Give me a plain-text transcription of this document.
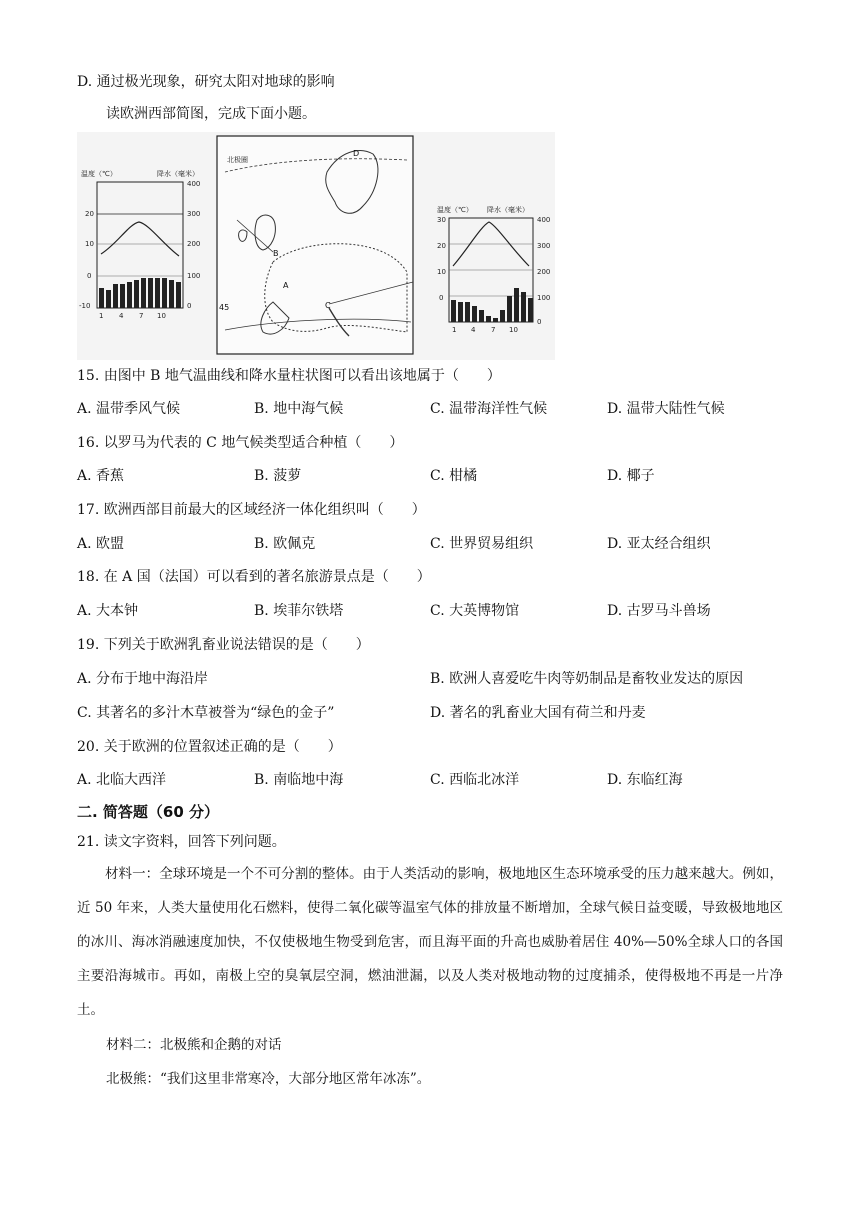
D. 通过极光现象，研究太阳对地球的影响
读欧洲西部简图，完成下面小题。
温度（℃）	降水（毫米）
20
10
0
-10
400
300
200
100
0
1 4 7 10
北极圈
45
A
B
C
D
温度（℃） 降水（毫米）
30
20
10
0
400
300
200
100
0
1 4 7 10
15. 由图中 B 地气温曲线和降水量柱状图可以看出该地属于（　　）
A. 温带季风气候	B. 地中海气候	C. 温带海洋性气候	D. 温带大陆性气候
16. 以罗马为代表的 C 地气候类型适合种植（　　）
A. 香蕉	B. 菠萝	C. 柑橘	D. 椰子
17. 欧洲西部目前最大的区域经济一体化组织叫（　　）
A. 欧盟	B. 欧佩克	C. 世界贸易组织	D. 亚太经合组织
18. 在 A 国（法国）可以看到的著名旅游景点是（　　）
A. 大本钟	B. 埃菲尔铁塔	C. 大英博物馆	D. 古罗马斗兽场
19. 下列关于欧洲乳畜业说法错误的是（　　）
A. 分布于地中海沿岸	B. 欧洲人喜爱吃牛肉等奶制品是畜牧业发达的原因
C. 其著名的多汁木草被誉为“绿色的金子”	D. 著名的乳畜业大国有荷兰和丹麦
20. 关于欧洲的位置叙述正确的是（　　）
A. 北临大西洋	B. 南临地中海	C. 西临北冰洋	D. 东临红海
二. 简答题（60 分）
21. 读文字资料，回答下列问题。
材料一：全球环境是一个不可分割的整体。由于人类活动的影响，极地地区生态环境承受的压力越来越大。例如，近 50 年来，人类大量使用化石燃料，使得二氧化碳等温室气体的排放量不断增加，全球气候日益变暖，导致极地地区的冰川、海冰消融速度加快，不仅使极地生物受到危害，而且海平面的升高也威胁着居住 40%—50%全球人口的各国主要沿海城市。再如，南极上空的臭氧层空洞，燃油泄漏，以及人类对极地动物的过度捕杀，使得极地不再是一片净土。
材料二：北极熊和企鹅的对话
北极熊：“我们这里非常寒冷，大部分地区常年冰冻”。
